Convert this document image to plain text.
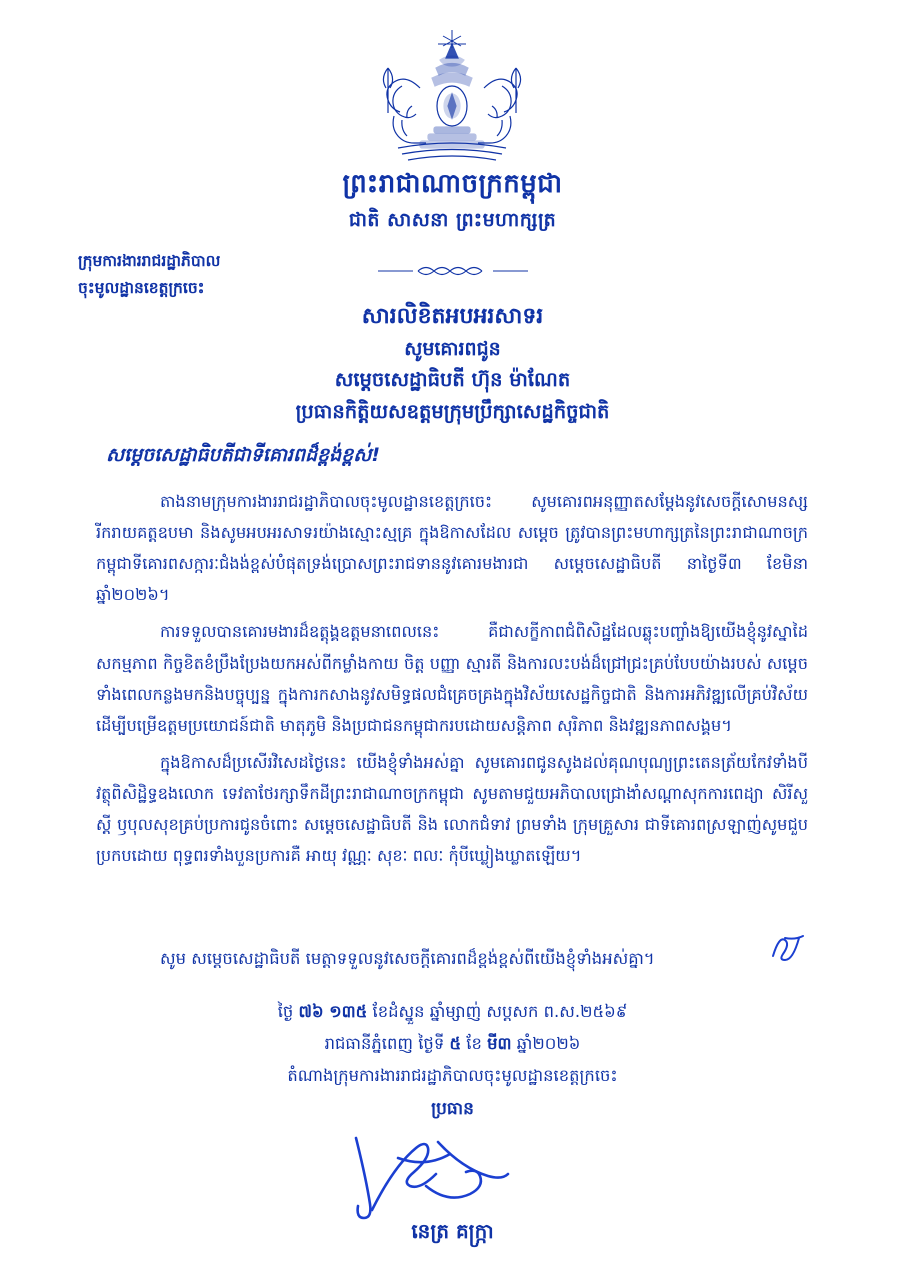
ព្រះរាជាណាចក្រកម្ពុជា
ជាតិ សាសនា ព្រះមហាក្សត្រ
ក្រុមការងាររាជរដ្ឋាភិបាល
ចុះមូលដ្ឋានខេត្តក្រចេះ
សារលិខិតអបអរសាទរ
សូមគោរពជូន
សម្តេចសេដ្ឋាធិបតី ហ៊ុន ម៉ាណែត
ប្រធានកិត្តិយសឧត្តមក្រុមប្រឹក្សាសេដ្ឋកិច្ចជាតិ
សម្តេចសេដ្ឋាធិបតីជាទីគោរពដ៏ខ្ពង់ខ្ពស់!

តាងនាមក្រុមការងាររាជរដ្ឋាភិបាលចុះមូលដ្ឋានខេត្តក្រចេះ សូមគោរពអនុញ្ញាតសម្តែងនូវសេចក្តីសោមនស្សរីករាយគត្តឧបមា និងសូមអបអរសាទរយ៉ាងស្មោះស្មគ្រ ក្នុងឱកាសដែល សម្តេច ត្រូវបានព្រះមហាក្សត្រនៃព្រះរាជាណាចក្រកម្ពុជាទីគោរពសក្ការៈជំងង់ខ្ពស់បំផុតទ្រង់ប្រោសព្រះរាជទាននូវគោរមងារជា សម្តេចសេដ្ឋាធិបតី នាថ្ងៃទី៣ ខែមិនា ឆ្នាំ២០២៦។

ការទទួលបានគោរមងារដ៏ឧត្តុង្គឧត្តមនាពេលនេះ គឺជាសក្ខីកាពជំពិសិដ្ឋដែលឆ្លុះបញ្ចាំងឱ្យយើងខ្ញុំនូវស្នាដៃ សកម្មភាព កិច្ចខិតខំប្រឹងប្រែងយកអស់ពីកម្លាំងកាយ ចិត្ត បញ្ញា ស្មារតី និងការលះបង់ដ៏ជ្រៅជ្រះគ្រប់បែបយ៉ាងរបស់ សម្តេច ទាំងពេលកន្លងមកនិងបច្ចុប្បន្ន ក្នុងការកសាងនូវសមិទ្ធផលជំគ្រេចគ្រងក្នុងវិស័យសេដ្ឋកិច្ចជាតិ និងការអភិវឌ្ឍលើគ្រប់វិស័យ ដើម្បីបម្រើឧត្តមប្រយោជន៍ជាតិ មាតុភូមិ និងប្រជាជនកម្ពុជាករបដោយសន្តិភាព សុរិភាព និងវឌ្ឍនភាពសង្គម។

ក្នុងឱកាសដ៏ប្រសើរវិសេដថ្ងៃនេះ យើងខ្ញុំទាំងអស់គ្នា សូមគោរពជូនសូងដល់គុណបុណ្យព្រះតេនត្រ័យកែវទាំងបីវត្ថុពិសិដ្ឋិទ្ធឧងលោក ទេវតាថែរក្សាទឹកដីព្រះរាជាណាចក្រកម្ពុជា សូមតាមជួយអភិបាលជ្រោងាំសណ្តាសុកការពេដ្យា សិរីសួស្តី ឫបុលសុខគ្រប់ប្រការជូនចំពោះ សម្តេចសេដ្ឋាធិបតី និង លោកជំទាវ ព្រមទាំង ក្រុមគ្រួសារ ជាទីគោរពស្រឡាញ់សូមជួបប្រកបដោយ ពុទ្ធពរទាំងបួនប្រការគឺ អាយុ វណ្ណៈ សុខៈ ពលៈ កុំបីឃ្លៀងឃ្លាតឡើយ។

សូម សម្តេចសេដ្ឋាធិបតី មេត្តាទទួលនូវសេចក្តីគោរពដ៏ខ្ពង់ខ្ពស់ពីយើងខ្ញុំទាំងអស់គ្នា។
ថ្ងៃ ៧៦ ១៣៥ ខែដំស្នួន ឆ្នាំម្សាញ់ សប្តសក ព.ស.២៥៦៩
រាជធានីភ្នំពេញ ថ្ងៃទី ៥ ខែ មី៣ ឆ្នាំ២០២៦
តំណាងក្រុមការងាររាជរដ្ឋាភិបាលចុះមូលដ្ឋានខេត្តក្រចេះ
ប្រធាន
នេត្រ គក្ក្រា
